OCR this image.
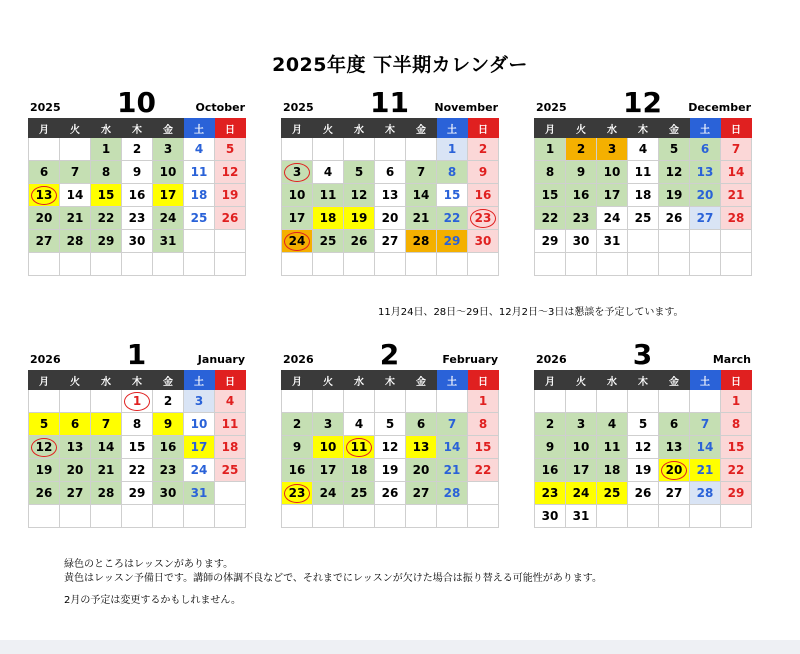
2025年度 下半期カレンダー
2025	10	October
月	火	水	木	金	土	日
		1	2	3	4	5
6	7	8	9	10	11	12
13	14	15	16	17	18	19
20	21	22	23	24	25	26
27	28	29	30	31		

2025	11	November
月	火	水	木	金	土	日
					1	2
3	4	5	6	7	8	9
10	11	12	13	14	15	16
17	18	19	20	21	22	23
24	25	26	27	28	29	30

2025	12	December
月	火	水	木	金	土	日
1	2	3	4	5	6	7
8	9	10	11	12	13	14
15	16	17	18	19	20	21
22	23	24	25	26	27	28
29	30	31				

2026	1	January
月	火	水	木	金	土	日
			1	2	3	4
5	6	7	8	9	10	11
12	13	14	15	16	17	18
19	20	21	22	23	24	25
26	27	28	29	30	31	

2026	2	February
月	火	水	木	金	土	日
						1
2	3	4	5	6	7	8
9	10	11	12	13	14	15
16	17	18	19	20	21	22
23	24	25	26	27	28	

2026	3	March
月	火	水	木	金	土	日
						1
2	3	4	5	6	7	8
9	10	11	12	13	14	15
16	17	18	19	20	21	22
23	24	25	26	27	28	29
30	31					
11月24日、28日〜29日、12月2日〜3日は懇談を予定しています。
緑色のところはレッスンがあります。
黄色はレッスン予備日です。講師の体調不良などで、それまでにレッスンが欠けた場合は振り替える可能性があります。
2月の予定は変更するかもしれません。
